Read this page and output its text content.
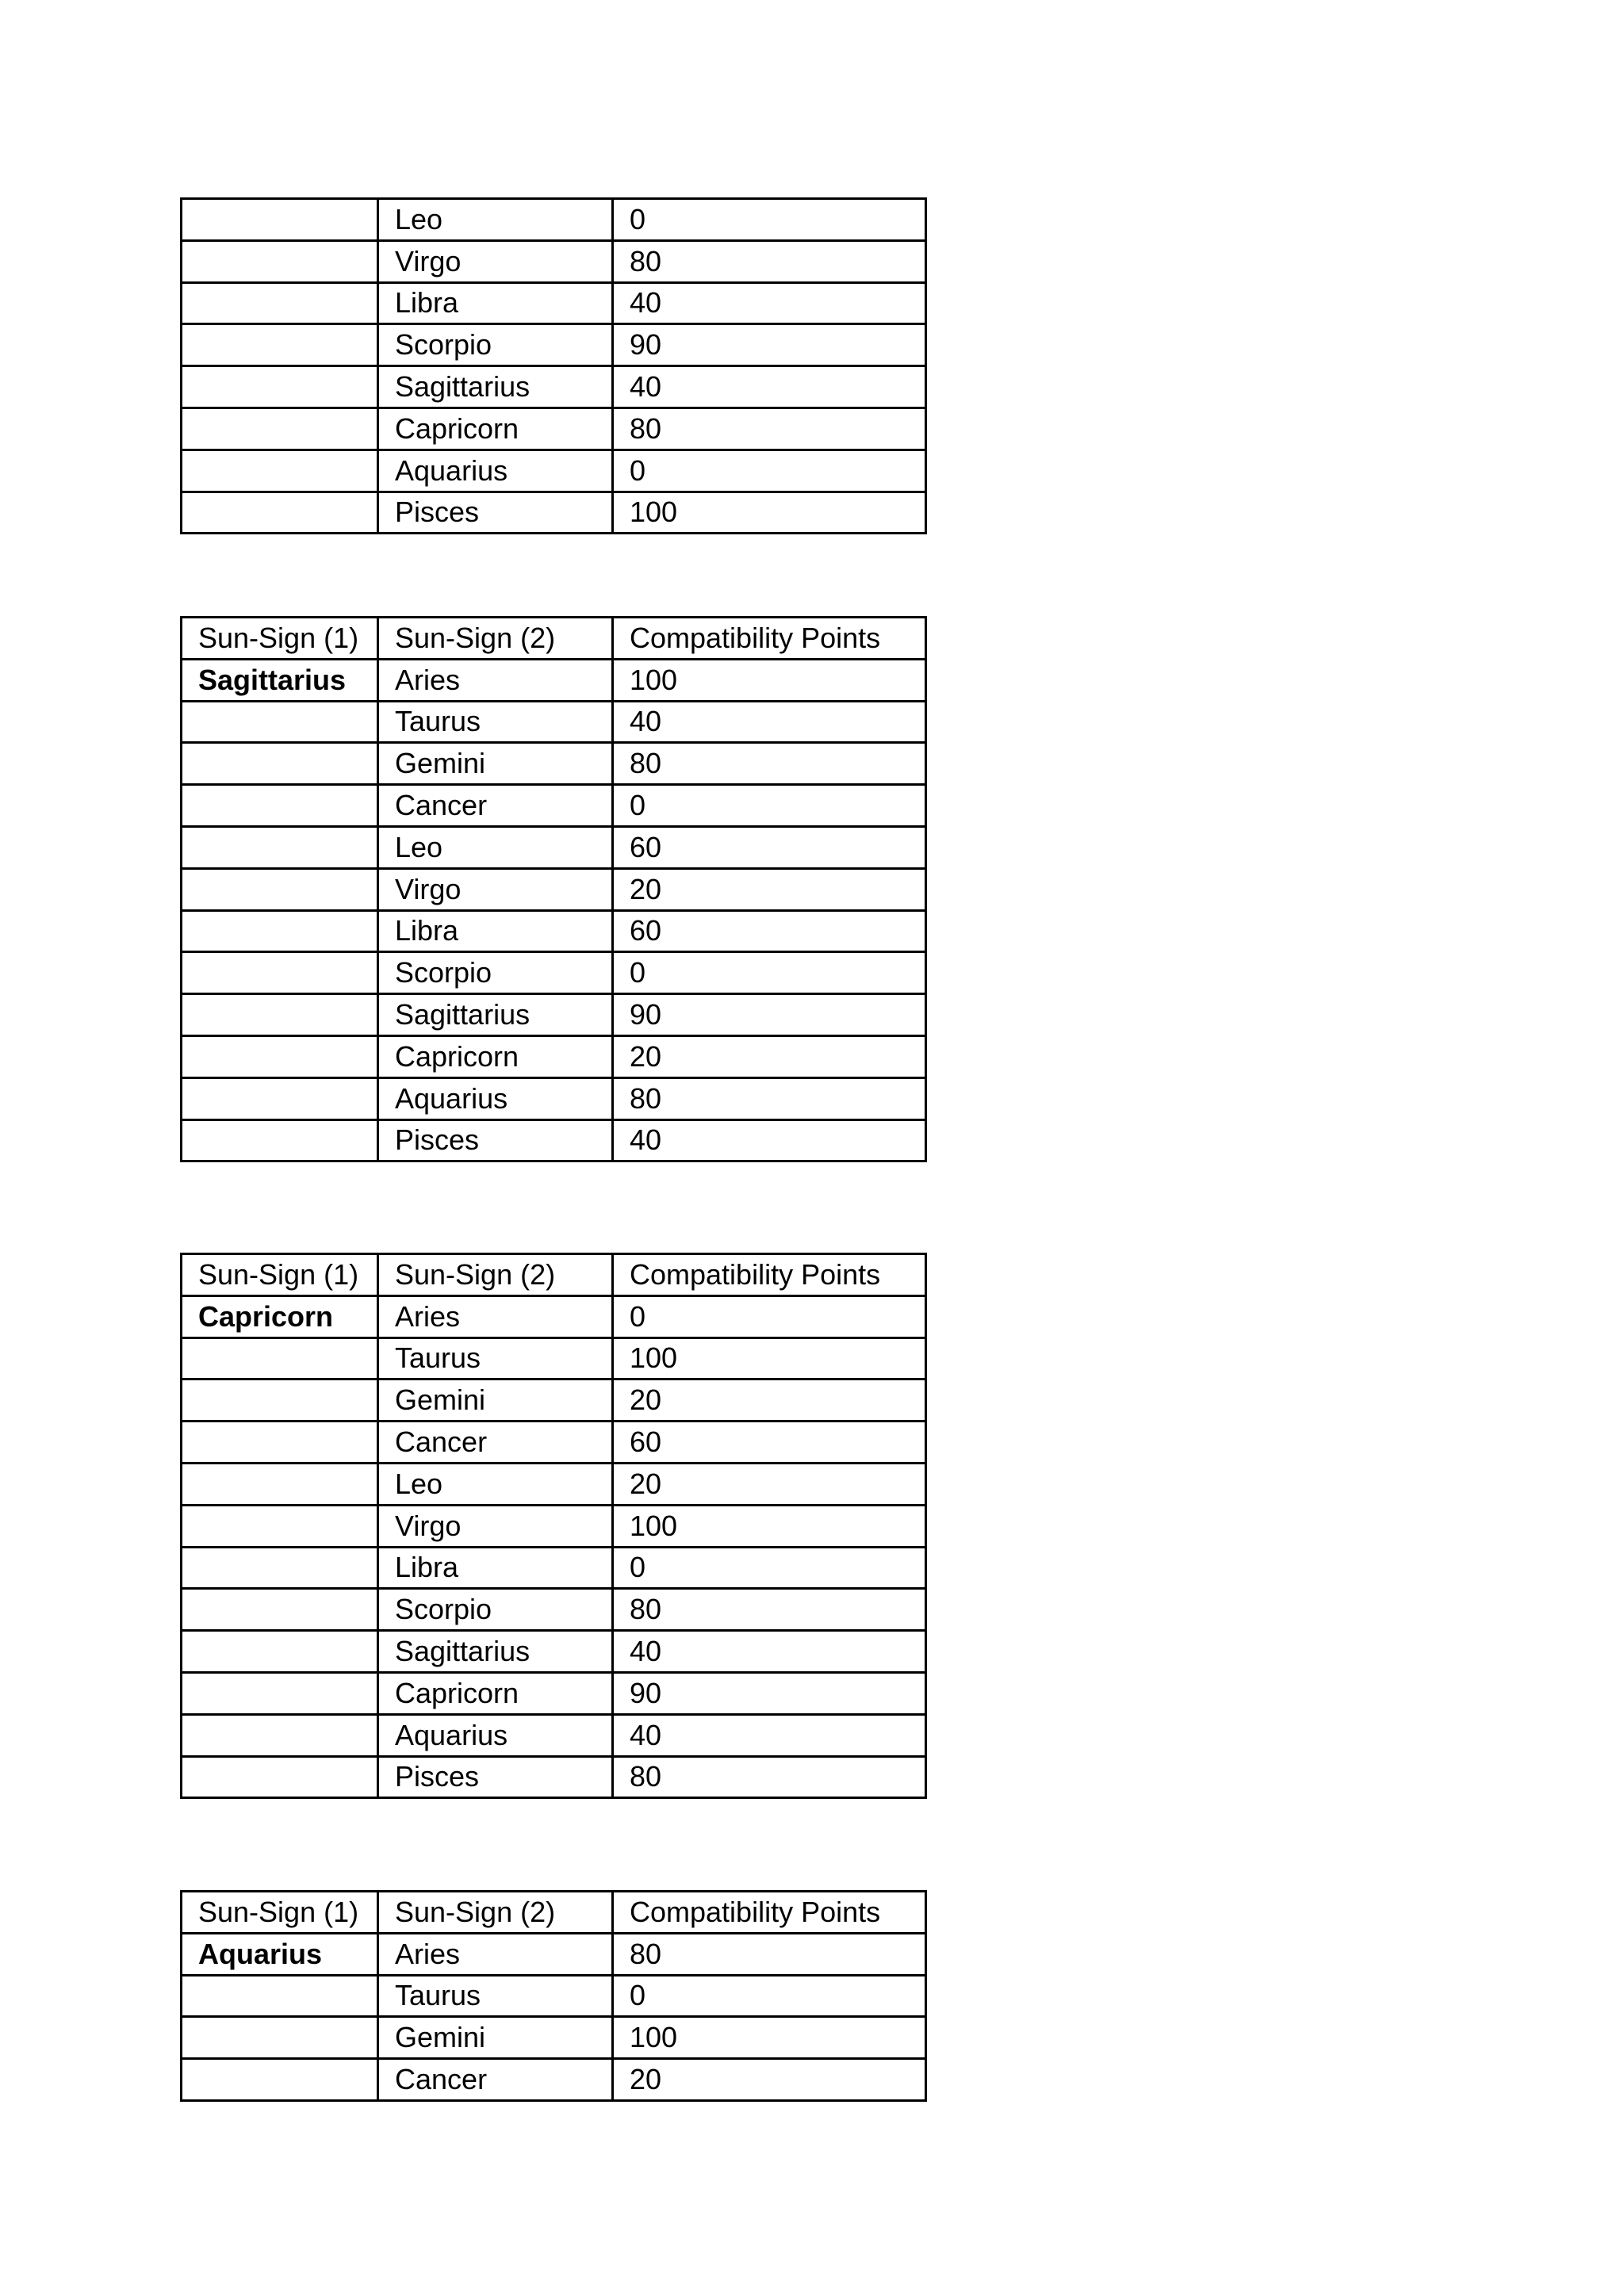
	Leo	0
	Virgo	80
	Libra	40
	Scorpio	90
	Sagittarius	40
	Capricorn	80
	Aquarius	0
	Pisces	100
Sun-Sign (1)	Sun-Sign (2)	Compatibility Points
Sagittarius	Aries	100
	Taurus	40
	Gemini	80
	Cancer	0
	Leo	60
	Virgo	20
	Libra	60
	Scorpio	0
	Sagittarius	90
	Capricorn	20
	Aquarius	80
	Pisces	40
Sun-Sign (1)	Sun-Sign (2)	Compatibility Points
Capricorn	Aries	0
	Taurus	100
	Gemini	20
	Cancer	60
	Leo	20
	Virgo	100
	Libra	0
	Scorpio	80
	Sagittarius	40
	Capricorn	90
	Aquarius	40
	Pisces	80
Sun-Sign (1)	Sun-Sign (2)	Compatibility Points
Aquarius	Aries	80
	Taurus	0
	Gemini	100
	Cancer	20
